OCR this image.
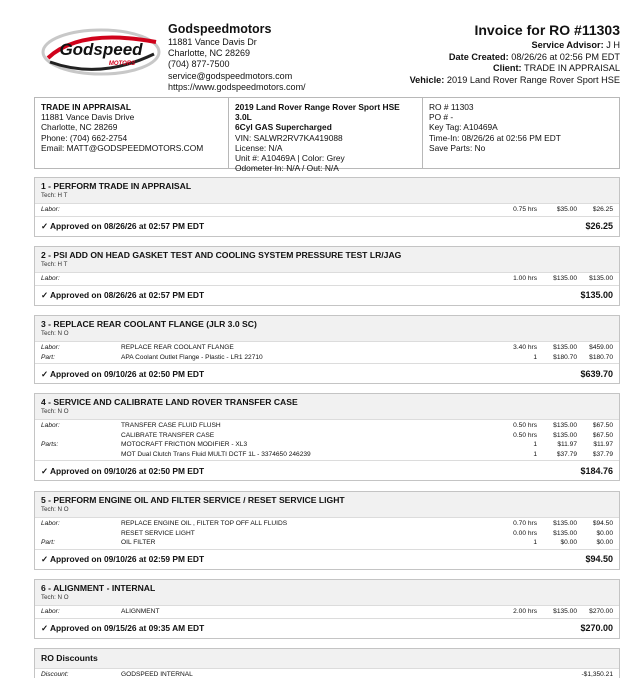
Godspeed
MOTORS
Godspeedmotors
11881 Vance Davis Dr
Charlotte, NC 28269
(704) 877-7500
service@godspeedmotors.com
https://www.godspeedmotors.com/
Invoice for RO #11303
Service Advisor: J H
Date Created: 08/26/26 at 02:56 PM EDT
Client: TRADE IN APPRAISAL
Vehicle: 2019 Land Rover Range Rover Sport HSE
TRADE IN APPRAISAL
11881 Vance Davis Drive
Charlotte, NC 28269
Phone: (704) 662-2754
Email: MATT@GODSPEEDMOTORS.COM
2019 Land Rover Range Rover Sport HSE 3.0L
6Cyl GAS Supercharged
VIN: SALWR2RV7KA419088
License: N/A
Unit #: A10469A | Color: Grey
Odometer In: N/A / Out: N/A
RO # 11303
PO # -
Key Tag: A10469A
Time-In: 08/26/26 at 02:56 PM EDT
Save Parts: No
1 - PERFORM TRADE IN APPRAISAL
Tech: H T
Labor:	0.75 hrs	$35.00	$26.25
✓ Approved on 08/26/26 at 02:57 PM EDT	$26.25
2 - PSI ADD ON HEAD GASKET TEST AND COOLING SYSTEM PRESSURE TEST LR/JAG
Tech: H T
Labor:	1.00 hrs	$135.00	$135.00
✓ Approved on 08/26/26 at 02:57 PM EDT	$135.00
3 - REPLACE REAR COOLANT FLANGE (JLR 3.0 SC)
Tech: N O
Labor:	REPLACE REAR COOLANT FLANGE	3.40 hrs	$135.00	$459.00
Part:	APA Coolant Outlet Flange - Plastic - LR1 22710	1	$180.70	$180.70
✓ Approved on 09/10/26 at 02:50 PM EDT	$639.70
4 - SERVICE AND CALIBRATE LAND ROVER TRANSFER CASE
Tech: N O
Labor:	TRANSFER CASE FLUID FLUSH	0.50 hrs	$135.00	$67.50
CALIBRATE TRANSFER CASE	0.50 hrs	$135.00	$67.50
Parts:	MOTOCRAFT FRICTION MODIFIER - XL3	1	$11.97	$11.97
MOT Dual Clutch Trans Fluid MULTI DCTF 1L - 3374650 246239	1	$37.79	$37.79
✓ Approved on 09/10/26 at 02:50 PM EDT	$184.76
5 - PERFORM ENGINE OIL AND FILTER SERVICE / RESET SERVICE LIGHT
Tech: N O
Labor:	REPLACE ENGINE OIL , FILTER TOP OFF ALL FLUIDS	0.70 hrs	$135.00	$94.50
RESET SERVICE LIGHT	0.00 hrs	$135.00	$0.00
Part:	OIL FILTER	1	$0.00	$0.00
✓ Approved on 09/10/26 at 02:59 PM EDT	$94.50
6 - ALIGNMENT - INTERNAL
Tech: N O
Labor:	ALIGNMENT	2.00 hrs	$135.00	$270.00
✓ Approved on 09/15/26 at 09:35 AM EDT	$270.00
RO Discounts
Discount:	GODSPEED INTERNAL	-$1,350.21
